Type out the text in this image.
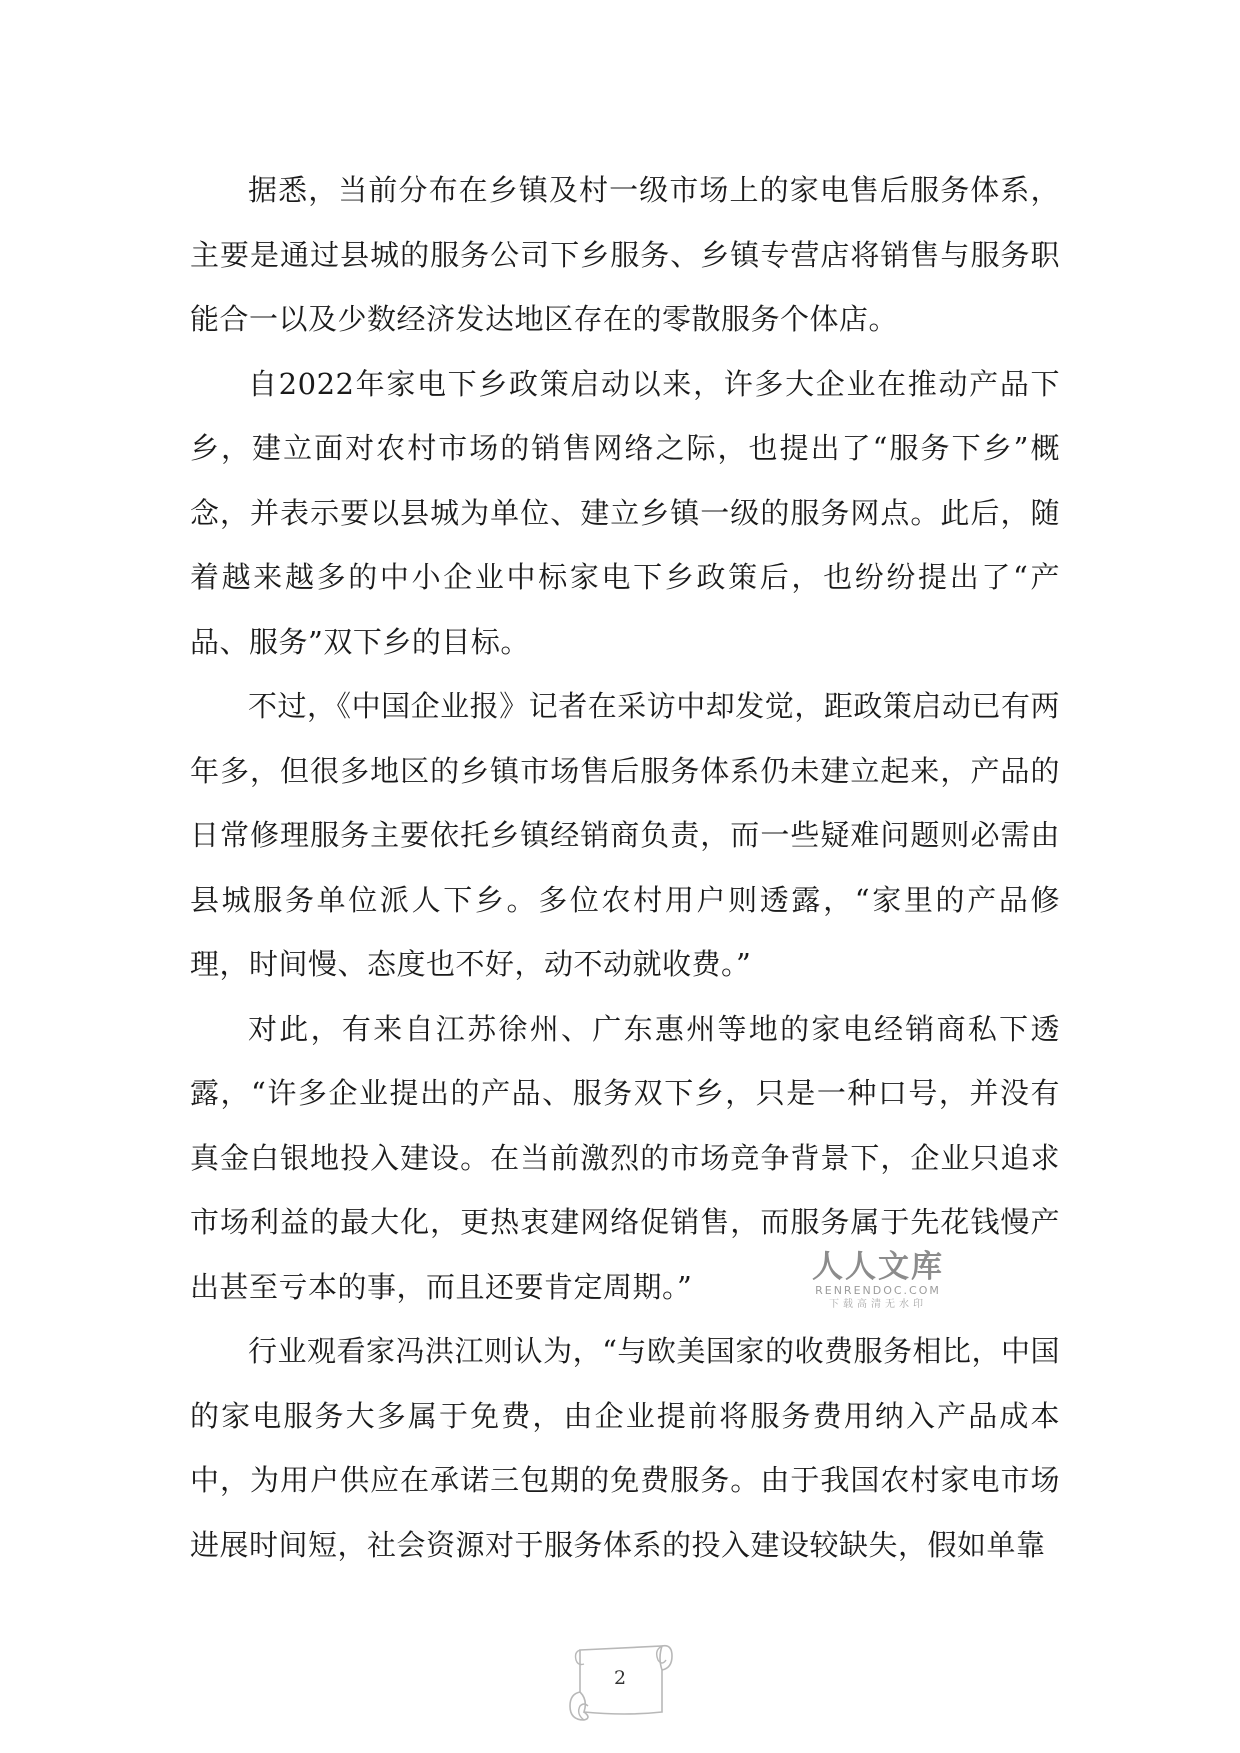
据悉，当前分布在乡镇及村一级市场上的家电售后服务体系，主要是通过县城的服务公司下乡服务、乡镇专营店将销售与服务职能合一以及少数经济发达地区存在的零散服务个体店。

自2022年家电下乡政策启动以来，许多大企业在推动产品下乡，建立面对农村市场的销售网络之际，也提出了“服务下乡”概念，并表示要以县城为单位、建立乡镇一级的服务网点。此后，随着越来越多的中小企业中标家电下乡政策后，也纷纷提出了“产品、服务”双下乡的目标。

不过，《中国企业报》记者在采访中却发觉，距政策启动已有两年多，但很多地区的乡镇市场售后服务体系仍未建立起来，产品的日常修理服务主要依托乡镇经销商负责，而一些疑难问题则必需由县城服务单位派人下乡。多位农村用户则透露，“家里的产品修理，时间慢、态度也不好，动不动就收费。”

对此，有来自江苏徐州、广东惠州等地的家电经销商私下透露，“许多企业提出的产品、服务双下乡，只是一种口号，并没有真金白银地投入建设。在当前激烈的市场竞争背景下，企业只追求市场利益的最大化，更热衷建网络促销售，而服务属于先花钱慢产出甚至亏本的事，而且还要肯定周期。”

行业观看家冯洪江则认为，“与欧美国家的收费服务相比，中国的家电服务大多属于免费，由企业提前将服务费用纳入产品成本中，为用户供应在承诺三包期的免费服务。由于我国农村家电市场进展时间短，社会资源对于服务体系的投入建设较缺失，假如单靠

人人文库
RENRENDOC.COM
下载高清无水印
2
